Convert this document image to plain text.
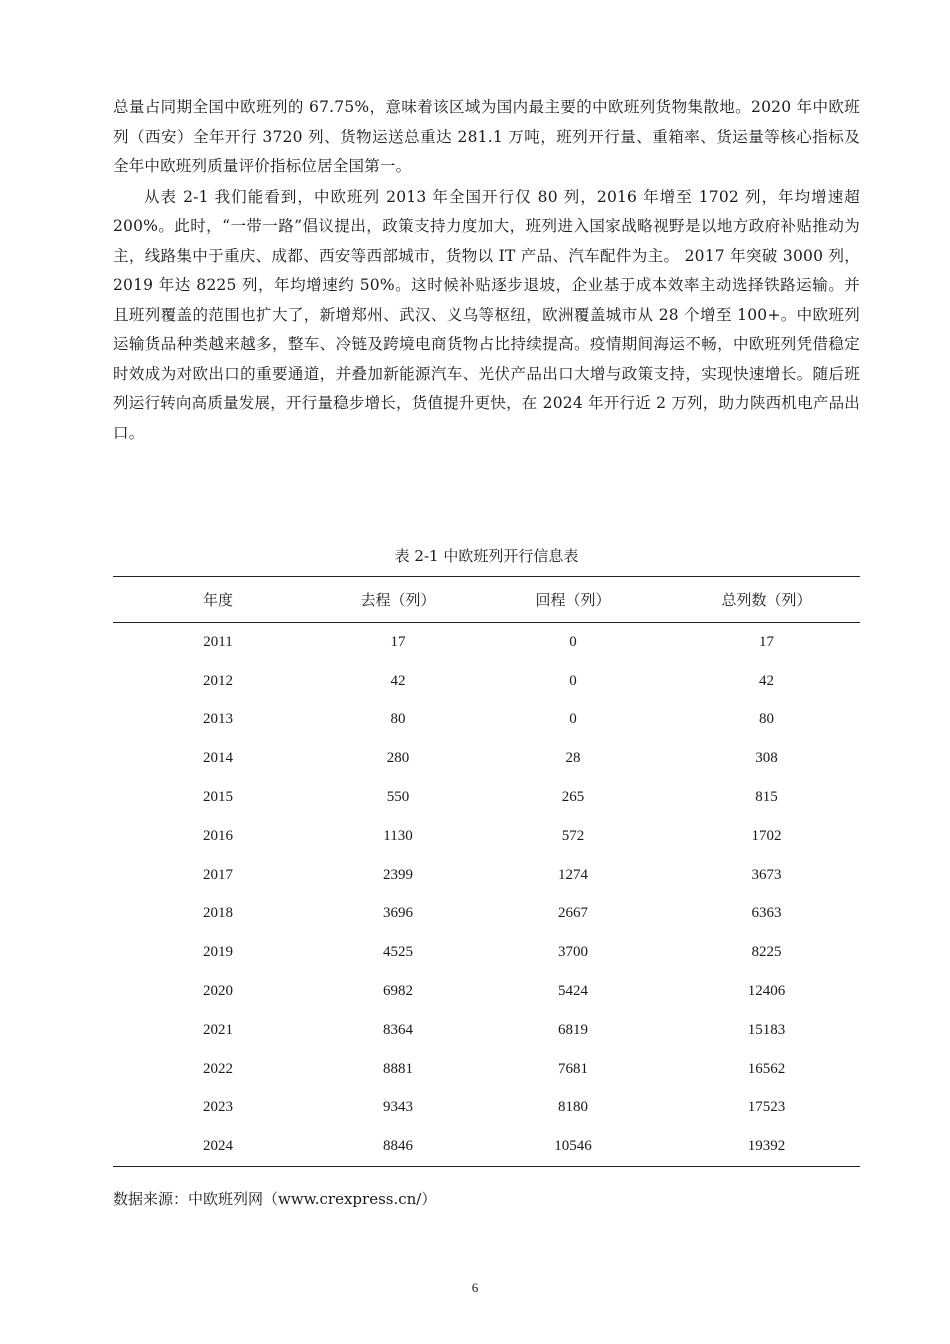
总量占同期全国中欧班列的 67.75%，意味着该区域为国内最主要的中欧班列货物集散地。2020 年中欧班列（西安）全年开行 3720 列、货物运送总重达 281.1 万吨，班列开行量、重箱率、货运量等核心指标及全年中欧班列质量评价指标位居全国第一。

从表 2-1 我们能看到，中欧班列 2013 年全国开行仅 80 列，2016 年增至 1702 列，年均增速超 200%。此时，“一带一路”倡议提出，政策支持力度加大，班列进入国家战略视野是以地方政府补贴推动为主，线路集中于重庆、成都、西安等西部城市，货物以 IT 产品、汽车配件为主。 2017 年突破 3000 列，2019 年达 8225 列，年均增速约 50%。这时候补贴逐步退坡，企业基于成本效率主动选择铁路运输。并且班列覆盖的范围也扩大了，新增郑州、武汉、义乌等枢纽，欧洲覆盖城市从 28 个增至 100+。中欧班列运输货品种类越来越多，整车、冷链及跨境电商货物占比持续提高。疫情期间海运不畅，中欧班列凭借稳定时效成为对欧出口的重要通道，并叠加新能源汽车、光伏产品出口大增与政策支持，实现快速增长。随后班列运行转向高质量发展，开行量稳步增长，货值提升更快，在 2024 年开行近 2 万列，助力陕西机电产品出口。

表 2-1 中欧班列开行信息表
年度	去程（列）	回程（列）	总列数（列）
2011	17	0	17
2012	42	0	42
2013	80	0	80
2014	280	28	308
2015	550	265	815
2016	1130	572	1702
2017	2399	1274	3673
2018	3696	2667	6363
2019	4525	3700	8225
2020	6982	5424	12406
2021	8364	6819	15183
2022	8881	7681	16562
2023	9343	8180	17523
2024	8846	10546	19392
数据来源：中欧班列网（www.crexpress.cn/）
6
